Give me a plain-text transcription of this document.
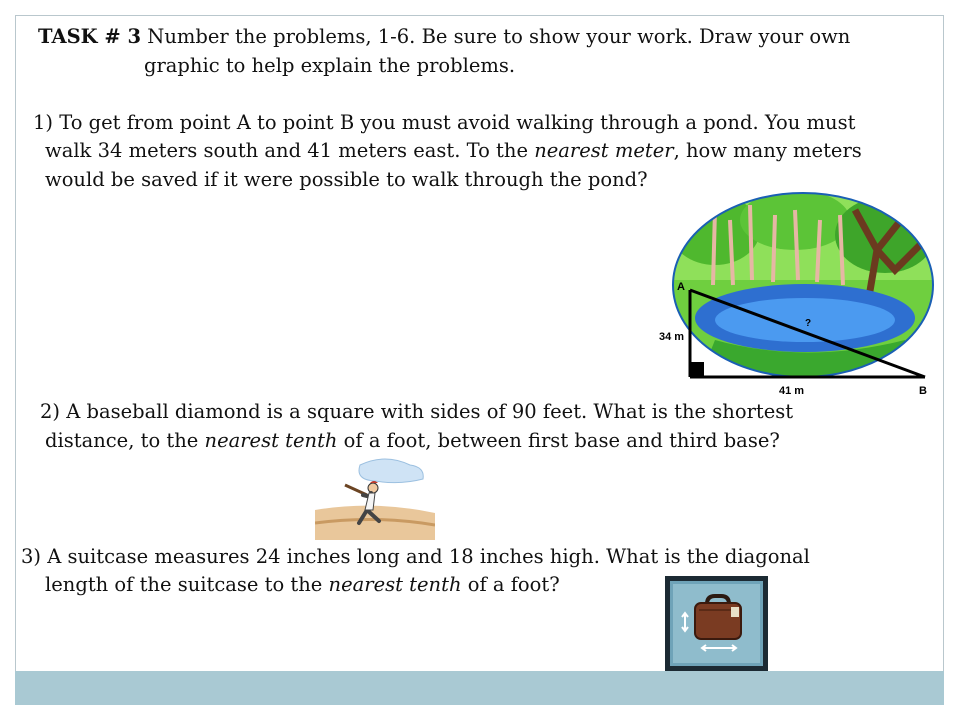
TASK # 3 Number the problems, 1-6. Be sure to show your work. Draw your own
graphic to help explain the problems.
1) To get from point A to point B you must avoid walking through a pond. You must
walk 34 meters south and 41 meters east. To the nearest meter, how many meters
would be saved if it were possible to walk through the pond?
A
B
34 m
41 m
?
2) A baseball diamond is a square with sides of 90 feet. What is the shortest
distance, to the nearest tenth of a foot, between first base and third base?
3) A suitcase measures 24 inches long and 18 inches high. What is the diagonal
length of the suitcase to the nearest tenth of a foot?
